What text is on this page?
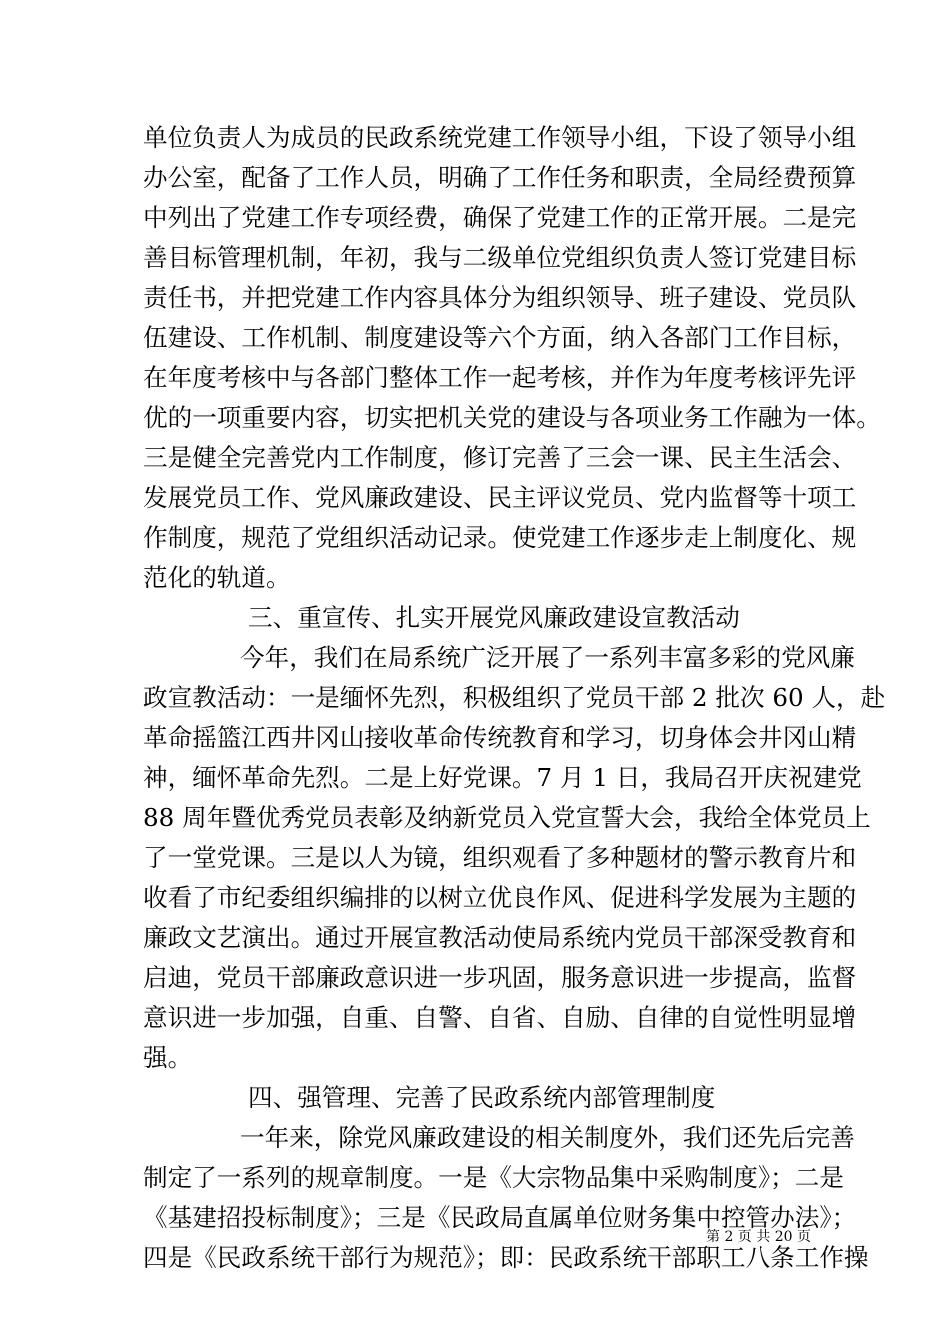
单位负责人为成员的民政系统党建工作领导小组，下设了领导小组
办公室，配备了工作人员，明确了工作任务和职责，全局经费预算
中列出了党建工作专项经费，确保了党建工作的正常开展。二是完
善目标管理机制，年初，我与二级单位党组织负责人签订党建目标
责任书，并把党建工作内容具体分为组织领导、班子建设、党员队
伍建设、工作机制、制度建设等六个方面，纳入各部门工作目标，
在年度考核中与各部门整体工作一起考核，并作为年度考核评先评
优的一项重要内容，切实把机关党的建设与各项业务工作融为一体。
三是健全完善党内工作制度，修订完善了三会一课、民主生活会、
发展党员工作、党风廉政建设、民主评议党员、党内监督等十项工
作制度，规范了党组织活动记录。使党建工作逐步走上制度化、规
范化的轨道。
三、重宣传、扎实开展党风廉政建设宣教活动
今年，我们在局系统广泛开展了一系列丰富多彩的党风廉
政宣教活动：一是缅怀先烈，积极组织了党员干部 2 批次 60 人，赴
革命摇篮江西井冈山接收革命传统教育和学习，切身体会井冈山精
神，缅怀革命先烈。二是上好党课。7 月 1 日，我局召开庆祝建党
88 周年暨优秀党员表彰及纳新党员入党宣誓大会，我给全体党员上
了一堂党课。三是以人为镜，组织观看了多种题材的警示教育片和
收看了市纪委组织编排的以树立优良作风、促进科学发展为主题的
廉政文艺演出。通过开展宣教活动使局系统内党员干部深受教育和
启迪，党员干部廉政意识进一步巩固，服务意识进一步提高，监督
意识进一步加强，自重、自警、自省、自励、自律的自觉性明显增
强。
四、强管理、完善了民政系统内部管理制度
一年来，除党风廉政建设的相关制度外，我们还先后完善
制定了一系列的规章制度。一是《大宗物品集中采购制度》；二是
《基建招投标制度》；三是《民政局直属单位财务集中控管办法》；
四是《民政系统干部行为规范》；即：民政系统干部职工八条工作操
第 2 页 共 20 页
